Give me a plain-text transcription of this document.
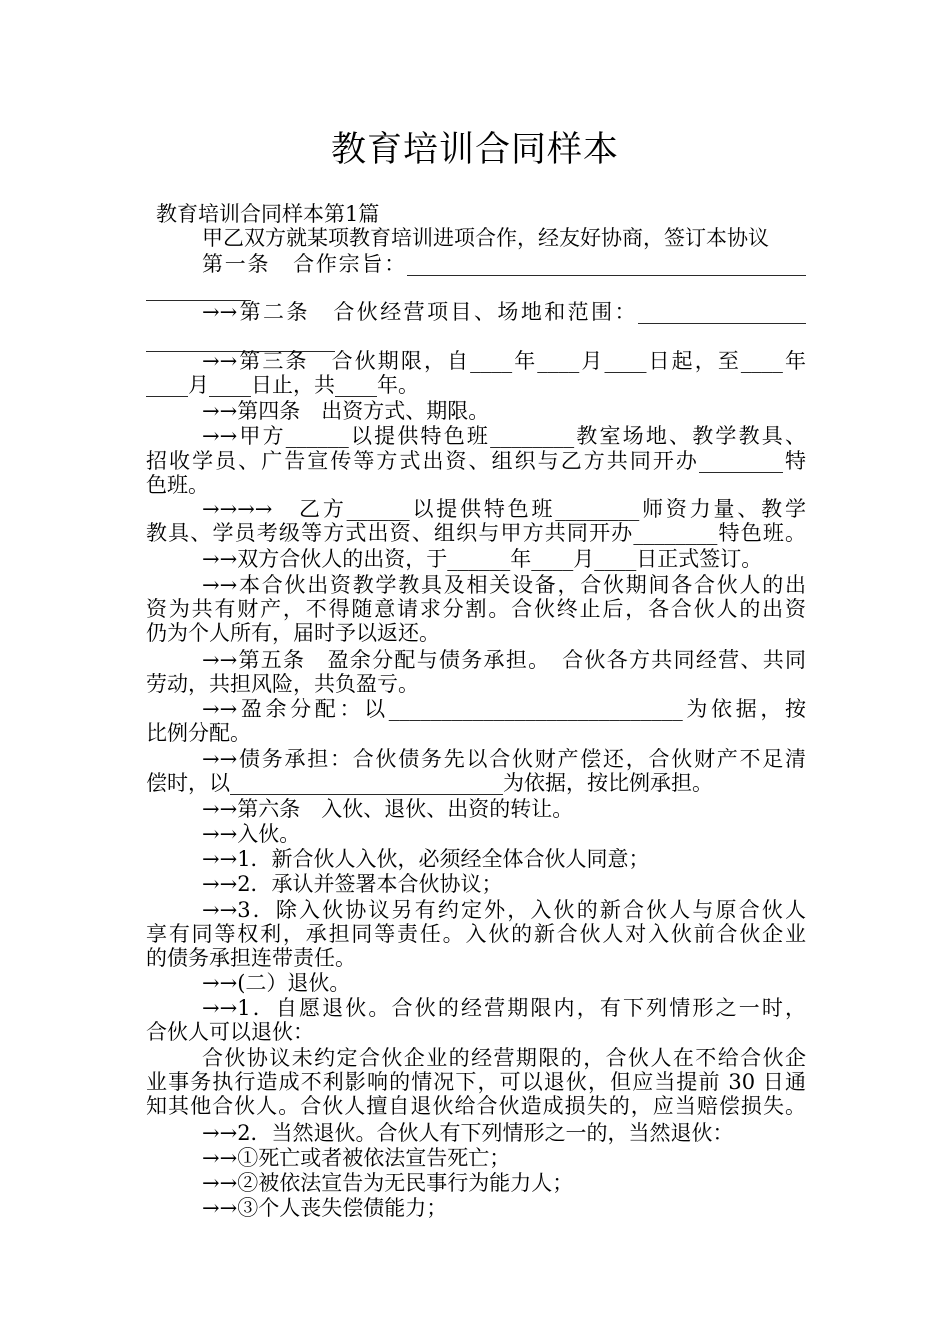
教育培训合同样本
教育培训合同样本第1篇
甲乙双方就某项教育培训进项合作，经友好协商，签订本协议
第一条　合作宗旨：______________________________________
__________
→→第二条　合伙经营项目、场地和范围：________________
__________________
→→第三条　合伙期限，自____年____月____日起，至____年
____月____日止，共____年。
→→第四条　出资方式、期限。
→→甲方______以提供特色班________教室场地、教学教具、
招收学员、广告宣传等方式出资、组织与乙方共同开办________特
色班。
→→→→　乙方______以提供特色班________师资力量、教学
教具、学员考级等方式出资、组织与甲方共同开办________特色班。
→→双方合伙人的出资，于______年____月____日正式签订。
→→本合伙出资教学教具及相关设备，合伙期间各合伙人的出
资为共有财产，不得随意请求分割。合伙终止后，各合伙人的出资
仍为个人所有，届时予以返还。
→→第五条　盈余分配与债务承担。　合伙各方共同经营、共同
劳动，共担风险，共负盈亏。
→→盈余分配：以____________________________为依据，按
比例分配。
→→债务承担：合伙债务先以合伙财产偿还，合伙财产不足清
偿时，以__________________________为依据，按比例承担。
→→第六条　入伙、退伙、出资的转让。
→→入伙。
→→1．新合伙人入伙，必须经全体合伙人同意；
→→2．承认并签署本合伙协议；
→→3．除入伙协议另有约定外，入伙的新合伙人与原合伙人
享有同等权利，承担同等责任。入伙的新合伙人对入伙前合伙企业
的债务承担连带责任。
→→(二）退伙。
→→1．自愿退伙。合伙的经营期限内，有下列情形之一时，
合伙人可以退伙：
合伙协议未约定合伙企业的经营期限的，合伙人在不给合伙企
业事务执行造成不利影响的情况下，可以退伙，但应当提前 30 日通
知其他合伙人。合伙人擅自退伙给合伙造成损失的，应当赔偿损失。
→→2．当然退伙。合伙人有下列情形之一的，当然退伙：
→→①死亡或者被依法宣告死亡；
→→②被依法宣告为无民事行为能力人；
→→③个人丧失偿债能力；
